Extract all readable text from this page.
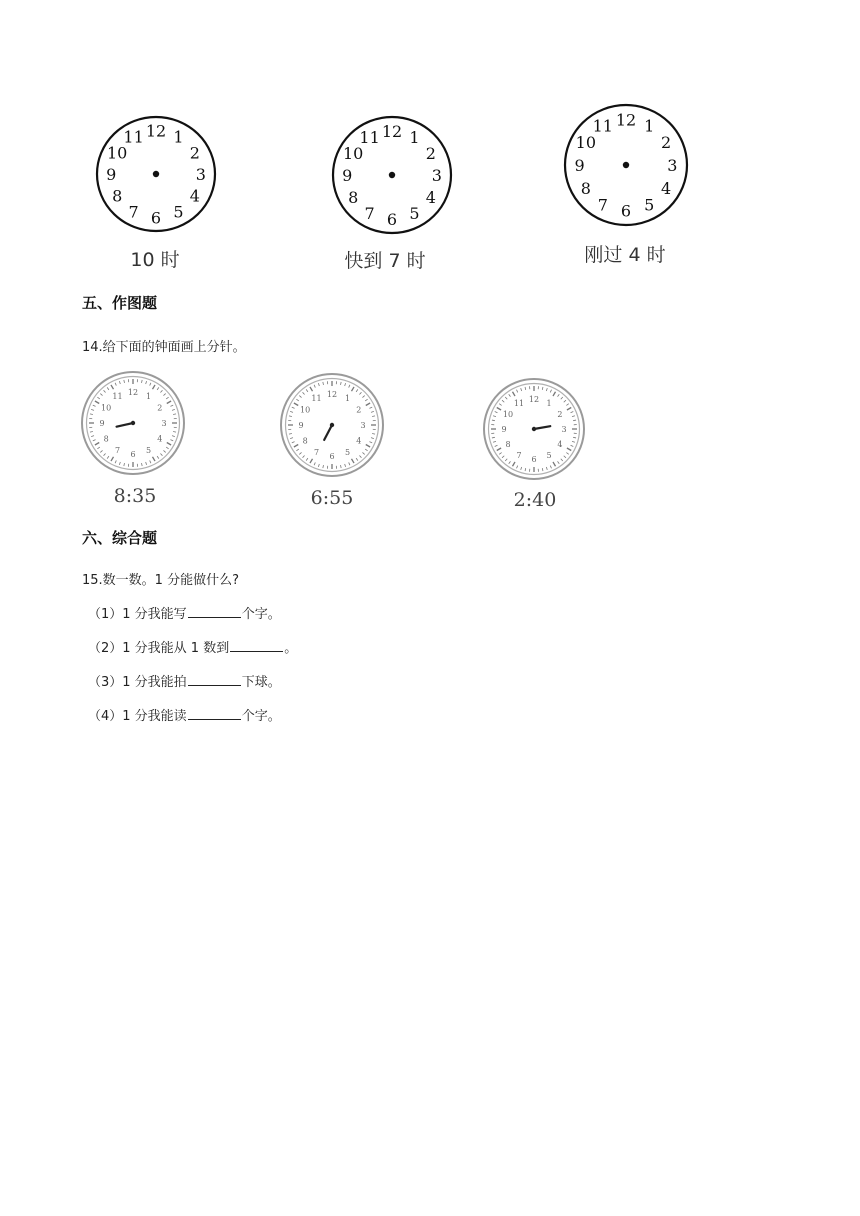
12 1
2
3
4
5
6
7
8
9
10
11
10 时
12 1
2
3
4
5
6
7
8
9
10
11
快到 7 时
12 1
2
3
4
5
6
7
8
9
10
11
刚过 4 时
五、作图题
14.给下面的钟面画上分针。
12 1
2
3
4
5
6
7
8
9
10
11
8:35
12 1
2
3
4
5
6
7
8
9
10
11
6:55
12 1
2
3
4
5
6
7
8
9
10
11
2:40
六、综合题
15.数一数。1 分能做什么?
（1）1 分我能写	个字。
（2）1 分我能从 1 数到	。
（3）1 分我能拍	下球。
（4）1 分我能读	个字。
